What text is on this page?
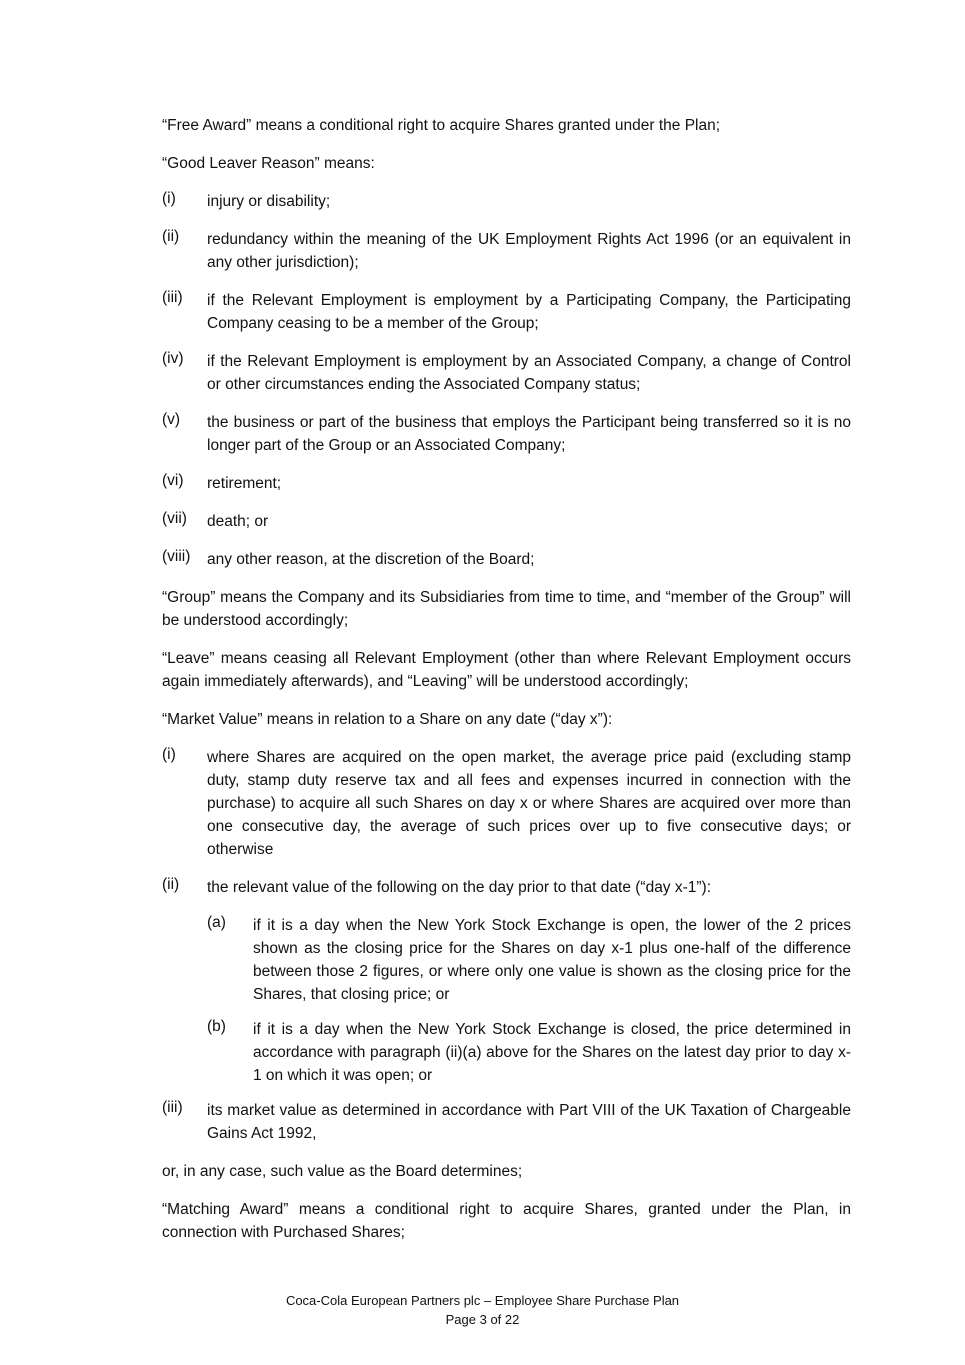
“Free Award” means a conditional right to acquire Shares granted under the Plan;

“Good Leaver Reason” means:

(i) injury or disability;
(ii) redundancy within the meaning of the UK Employment Rights Act 1996 (or an equivalent in any other jurisdiction);
(iii) if the Relevant Employment is employment by a Participating Company, the Participating Company ceasing to be a member of the Group;
(iv) if the Relevant Employment is employment by an Associated Company, a change of Control or other circumstances ending the Associated Company status;
(v) the business or part of the business that employs the Participant being transferred so it is no longer part of the Group or an Associated Company;
(vi) retirement;
(vii) death; or
(viii) any other reason, at the discretion of the Board;

“Group” means the Company and its Subsidiaries from time to time, and “member of the Group” will be understood accordingly;

“Leave” means ceasing all Relevant Employment (other than where Relevant Employment occurs again immediately afterwards), and “Leaving” will be understood accordingly;

“Market Value” means in relation to a Share on any date (“day x”):

(i) where Shares are acquired on the open market, the average price paid (excluding stamp duty, stamp duty reserve tax and all fees and expenses incurred in connection with the purchase) to acquire all such Shares on day x or where Shares are acquired over more than one consecutive day, the average of such prices over up to five consecutive days; or otherwise
(ii) the relevant value of the following on the day prior to that date (“day x-1”):
(a) if it is a day when the New York Stock Exchange is open, the lower of the 2 prices shown as the closing price for the Shares on day x-1 plus one-half of the difference between those 2 figures, or where only one value is shown as the closing price for the Shares, that closing price; or
(b) if it is a day when the New York Stock Exchange is closed, the price determined in accordance with paragraph (ii)(a) above for the Shares on the latest day prior to day x-1 on which it was open; or
(iii) its market value as determined in accordance with Part VIII of the UK Taxation of Chargeable Gains Act 1992,

or, in any case, such value as the Board determines;

“Matching Award” means a conditional right to acquire Shares, granted under the Plan, in connection with Purchased Shares;

Coca-Cola European Partners plc – Employee Share Purchase Plan
Page 3 of 22
